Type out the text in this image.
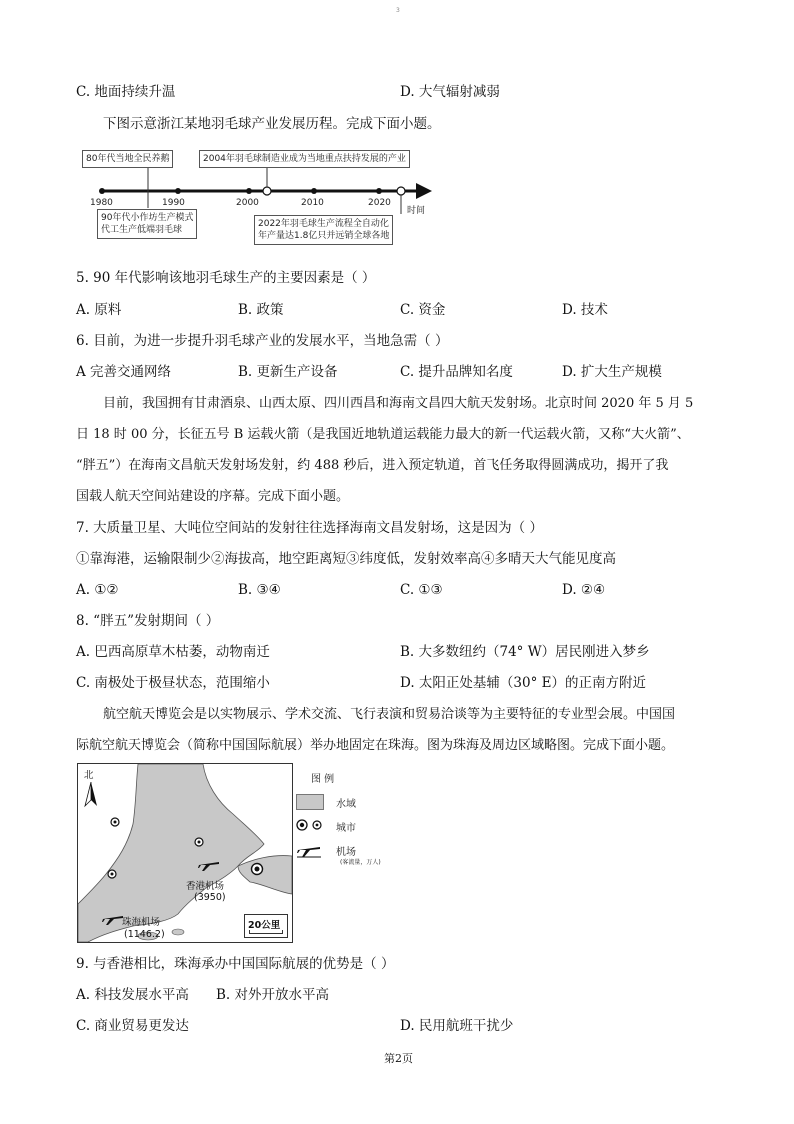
3
C. 地面持续升温	D. 大气辐射减弱
下图示意浙江某地羽毛球产业发展历程。完成下面小题。
80年代当地全民养鹅	2004年羽毛球制造业成为当地重点扶持发展的产业
1980	1990	2000	2010	2020
时间
90年代小作坊生产模式
代工生产低端羽毛球
2022年羽毛球生产流程全自动化
年产量达1.8亿只并远销全球各地
5. 90 年代影响该地羽毛球生产的主要因素是（ ）
A. 原料	B. 政策	C. 资金	D. 技术
6. 目前，为进一步提升羽毛球产业的发展水平，当地急需（ ）
A 完善交通网络	B. 更新生产设备	C. 提升品牌知名度	D. 扩大生产规模
目前，我国拥有甘肃酒泉、山西太原、四川西昌和海南文昌四大航天发射场。北京时间 2020 年 5 月 5
日 18 时 00 分，长征五号 B 运载火箭（是我国近地轨道运载能力最大的新一代运载火箭，又称“大火箭”、
“胖五”）在海南文昌航天发射场发射，约 488 秒后，进入预定轨道，首飞任务取得圆满成功，揭开了我
国载人航天空间站建设的序幕。完成下面小题。
7. 大质量卫星、大吨位空间站的发射往往选择海南文昌发射场，这是因为（ ）
①靠海港，运输限制少②海拔高，地空距离短③纬度低，发射效率高④多晴天大气能见度高
A. ①②	B. ③④	C. ①③	D. ②④
8. “胖五”发射期间（ ）
A. 巴西高原草木枯萎，动物南迁	B. 大多数纽约（74° W）居民刚进入梦乡
C. 南极处于极昼状态，范围缩小	D. 太阳正处基辅（30° E）的正南方附近
航空航天博览会是以实物展示、学术交流、飞行表演和贸易洽谈等为主要特征的专业型会展。中国国
际航空航天博览会（简称中国国际航展）举办地固定在珠海。图为珠海及周边区域略图。完成下面小题。
北
香港机场
(3950)
珠海机场
(1146.2)
20公里
图 例
水域
城市
机场
(客流量，万人)
9. 与香港相比，珠海承办中国国际航展的优势是（ ）
A. 科技发展水平高 B. 对外开放水平高
C. 商业贸易更发达	D. 民用航班干扰少
第2页
